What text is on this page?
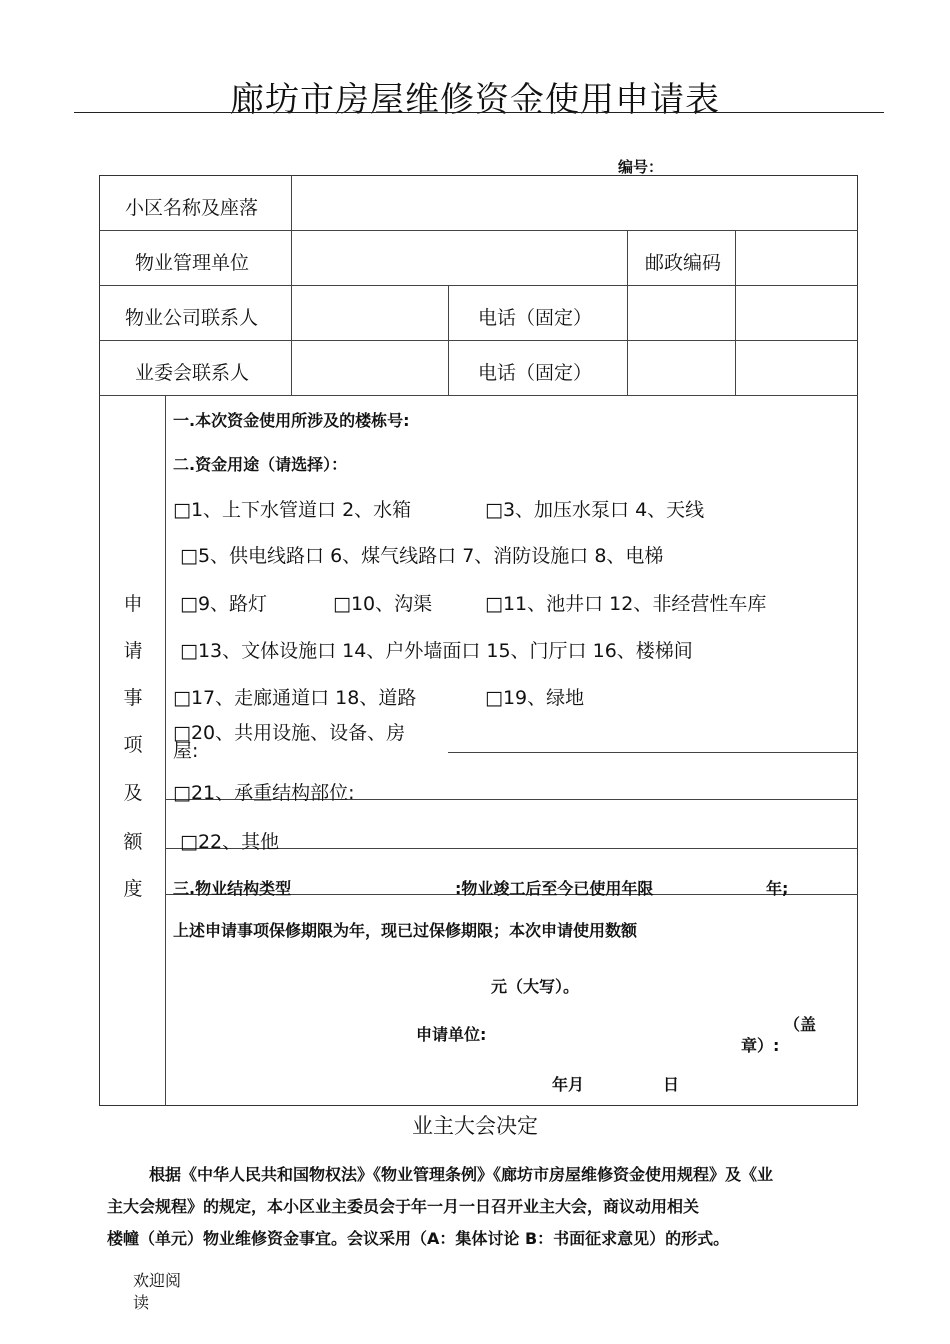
廊坊市房屋维修资金使用申请表
编号：
小区名称及座落
物业管理单位	邮政编码
物业公司联系人	电话（固定）
业委会联系人	电话（固定）
申
请
事
项
及
额
度
一.本次资金使用所涉及的楼栋号:
二.资金用途（请选择）：
□1、上下水管道口 2、水箱	□3、加压水泵口 4、天线
□5、供电线路口 6、煤气线路口 7、消防设施口 8、电梯
□9、路灯	□10、沟渠	□11、池井口 12、非经营性车库
□13、文体设施口 14、户外墙面口 15、门厅口 16、楼梯间
□17、走廊通道口 18、道路	□19、绿地
□20、共用设施、设备、房
屋:
□21、承重结构部位:
□22、其他
三.物业结构类型	:物业竣工后至今已使用年限	年;
上述申请事项保修期限为年，现已过保修期限；本次申请使用数额
元（大写）。
申请单位:
（盖
章）:
年月	日
业主大会决定
根据《中华人民共和国物权法》《物业管理条例》《廊坊市房屋维修资金使用规程》及《业
主大会规程》的规定，本小区业主委员会于年一月一日召开业主大会，商议动用相关
楼幢（单元）物业维修资金事宜。会议采用（A：集体讨论 B：书面征求意见）的形式。
欢迎阅读
